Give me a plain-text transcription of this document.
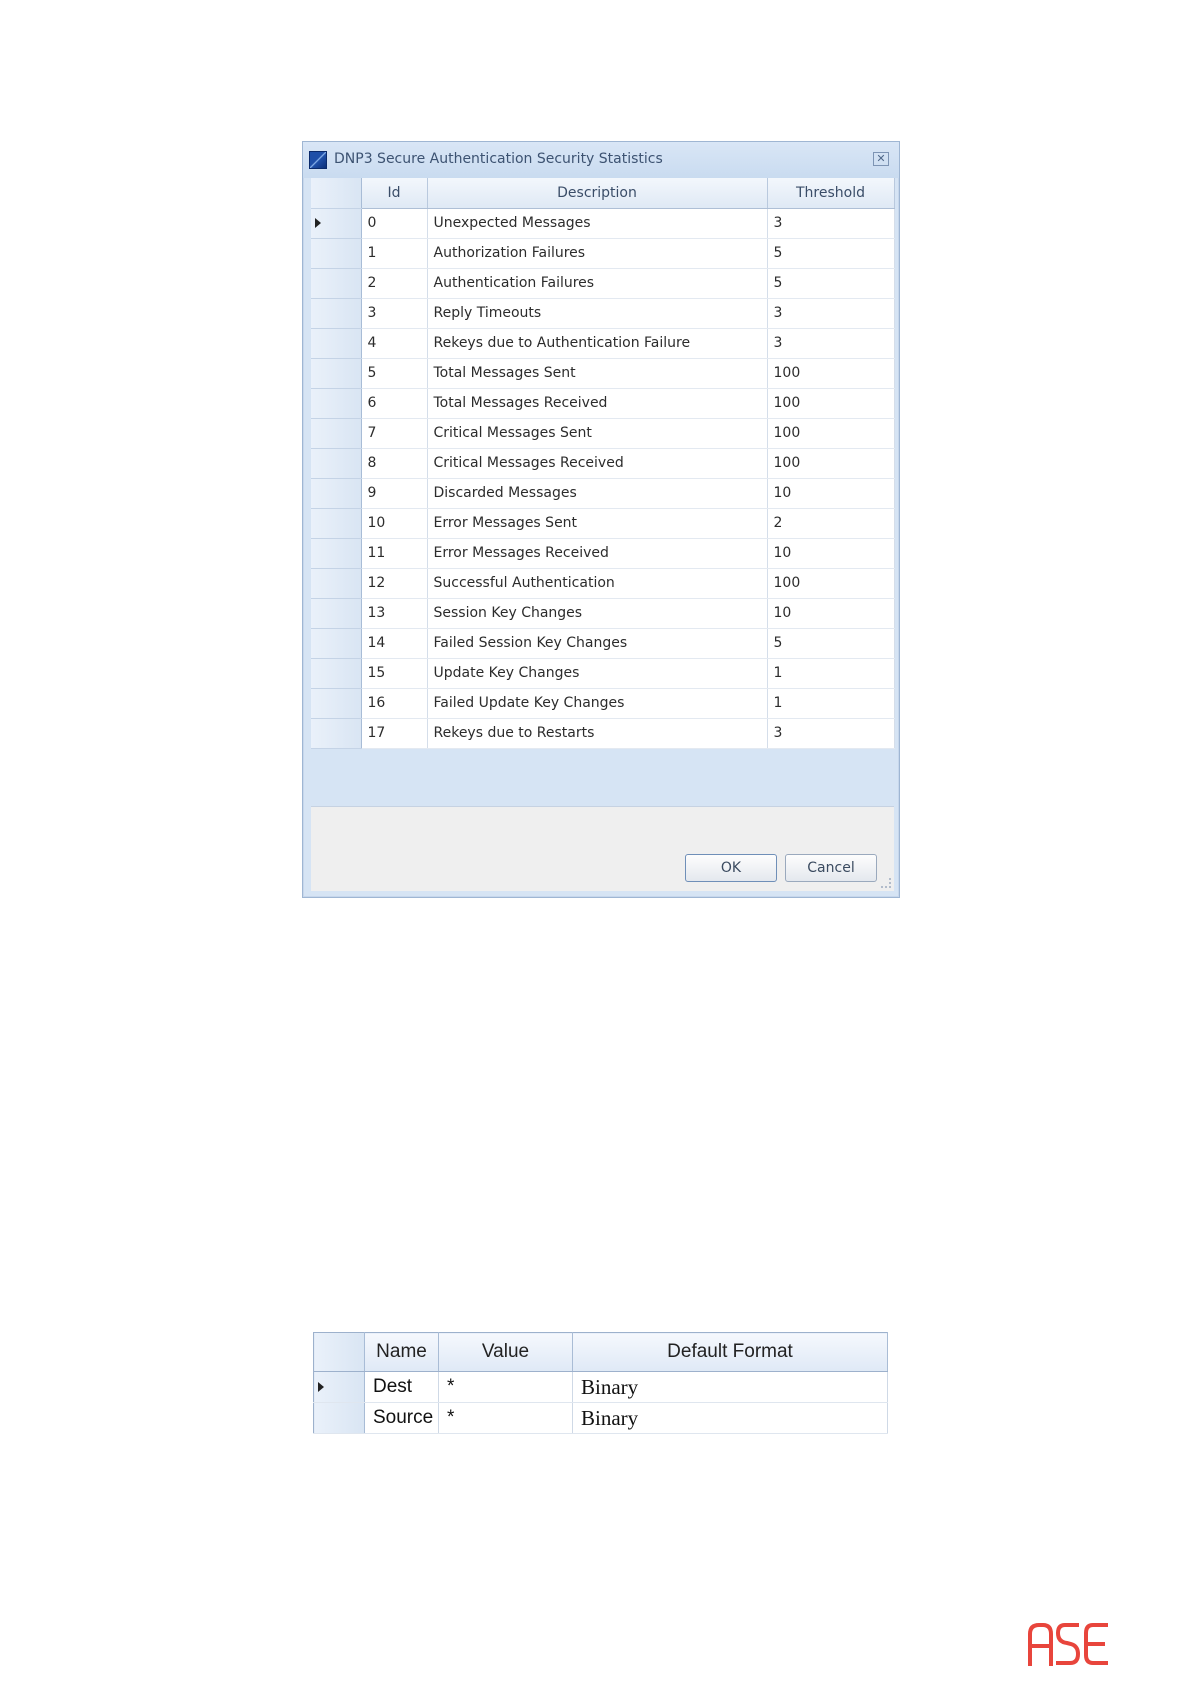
DNP3 Secure Authentication Security Statistics	✕
	Id	Description	Threshold
	0	Unexpected Messages	3
	1	Authorization Failures	5
	2	Authentication Failures	5
	3	Reply Timeouts	3
	4	Rekeys due to Authentication Failure	3
	5	Total Messages Sent	100
	6	Total Messages Received	100
	7	Critical Messages Sent	100
	8	Critical Messages Received	100
	9	Discarded Messages	10
	10	Error Messages Sent	2
	11	Error Messages Received	10
	12	Successful Authentication	100
	13	Session Key Changes	10
	14	Failed Session Key Changes	5
	15	Update Key Changes	1
	16	Failed Update Key Changes	1
	17	Rekeys due to Restarts	3
OK	Cancel
	Name	Value	Default Format
	Dest	*	Binary
	Source	*	Binary
